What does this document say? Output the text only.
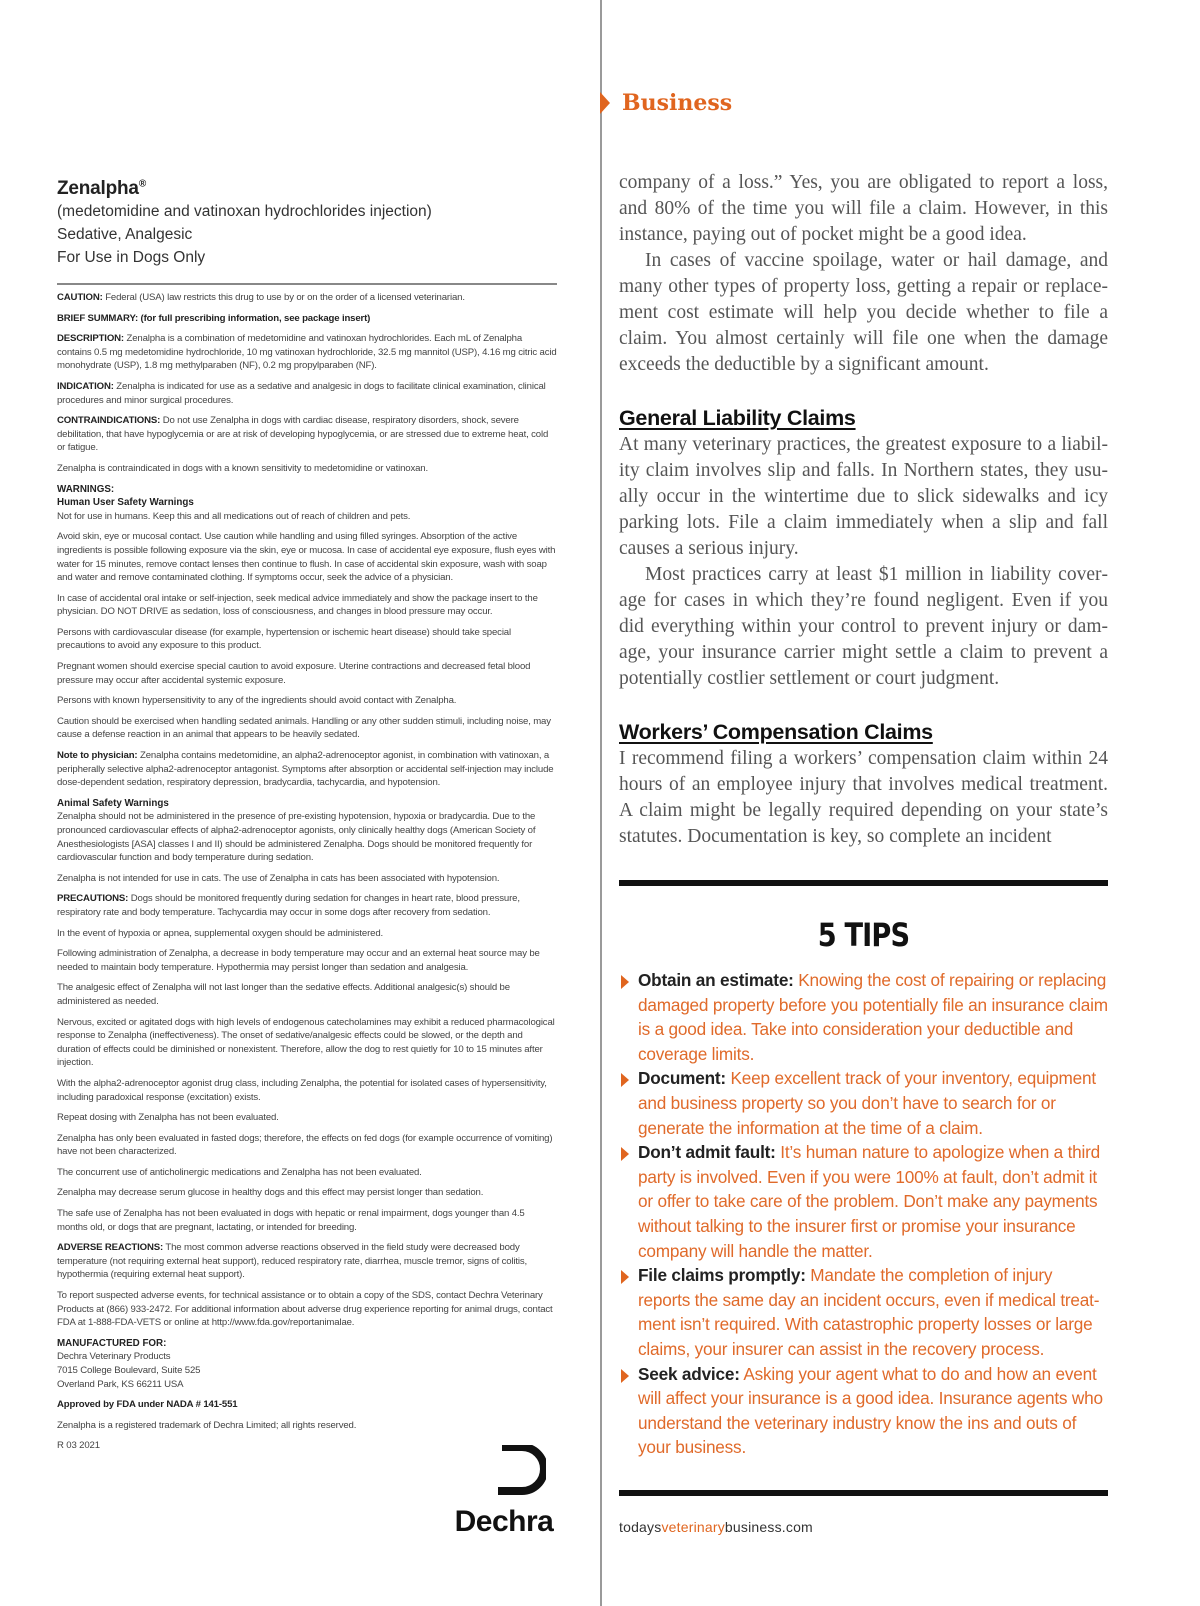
Zenalpha®
(medetomidine and vatinoxan hydrochlorides injection)
Sedative, Analgesic
For Use in Dogs Only

CAUTION: Federal (USA) law restricts this drug to use by or on the order of a licensed veterinarian.

BRIEF SUMMARY: (for full prescribing information, see package insert)

DESCRIPTION: Zenalpha is a combination of medetomidine and vatinoxan hydrochlorides. Each mL of Zenalpha contains 0.5 mg medetomidine hydrochloride, 10 mg vatinoxan hydrochloride, 32.5 mg mannitol (USP), 4.16 mg citric acid monohydrate (USP), 1.8 mg methylparaben (NF), 0.2 mg propylparaben (NF).

INDICATION: Zenalpha is indicated for use as a sedative and analgesic in dogs to facilitate clinical examination, clinical procedures and minor surgical procedures.

CONTRAINDICATIONS: Do not use Zenalpha in dogs with cardiac disease, respiratory disorders, shock, severe debilitation, that have hypoglycemia or are at risk of developing hypoglycemia, or are stressed due to extreme heat, cold or fatigue.

Zenalpha is contraindicated in dogs with a known sensitivity to medetomidine or vatinoxan.

WARNINGS:
Human User Safety Warnings

Not for use in humans. Keep this and all medications out of reach of children and pets.

Avoid skin, eye or mucosal contact. Use caution while handling and using filled syringes. Absorption of the active ingredients is possible following exposure via the skin, eye or mucosa. In case of accidental eye exposure, flush eyes with water for 15 minutes, remove contact lenses then continue to flush. In case of accidental skin exposure, wash with soap and water and remove contaminated clothing. If symptoms occur, seek the advice of a physician.

In case of accidental oral intake or self-injection, seek medical advice immediately and show the package insert to the physician. DO NOT DRIVE as sedation, loss of consciousness, and changes in blood pressure may occur.

Persons with cardiovascular disease (for example, hypertension or ischemic heart disease) should take special precautions to avoid any exposure to this product.

Pregnant women should exercise special caution to avoid exposure. Uterine contractions and decreased fetal blood pressure may occur after accidental systemic exposure.

Persons with known hypersensitivity to any of the ingredients should avoid contact with Zenalpha.

Caution should be exercised when handling sedated animals. Handling or any other sudden stimuli, including noise, may cause a defense reaction in an animal that appears to be heavily sedated.

Note to physician: Zenalpha contains medetomidine, an alpha2-adrenoceptor agonist, in combination with vatinoxan, a peripherally selective alpha2-adrenoceptor antagonist. Symptoms after absorption or accidental self-injection may include dose-dependent sedation, respiratory depression, bradycardia, tachycardia, and hypotension.

Animal Safety Warnings

Zenalpha should not be administered in the presence of pre-existing hypotension, hypoxia or bradycardia. Due to the pronounced cardiovascular effects of alpha2-adrenoceptor agonists, only clinically healthy dogs (American Society of Anesthesiologists [ASA] classes I and II) should be administered Zenalpha. Dogs should be monitored frequently for cardiovascular function and body temperature during sedation.

Zenalpha is not intended for use in cats. The use of Zenalpha in cats has been associated with hypotension.

PRECAUTIONS: Dogs should be monitored frequently during sedation for changes in heart rate, blood pressure, respiratory rate and body temperature. Tachycardia may occur in some dogs after recovery from sedation.

In the event of hypoxia or apnea, supplemental oxygen should be administered.

Following administration of Zenalpha, a decrease in body temperature may occur and an external heat source may be needed to maintain body temperature. Hypothermia may persist longer than sedation and analgesia.

The analgesic effect of Zenalpha will not last longer than the sedative effects. Additional analgesic(s) should be administered as needed.

Nervous, excited or agitated dogs with high levels of endogenous catecholamines may exhibit a reduced pharmacological response to Zenalpha (ineffectiveness). The onset of sedative/analgesic effects could be slowed, or the depth and duration of effects could be diminished or nonexistent. Therefore, allow the dog to rest quietly for 10 to 15 minutes after injection.

With the alpha2-adrenoceptor agonist drug class, including Zenalpha, the potential for isolated cases of hypersensitivity, including paradoxical response (excitation) exists.

Repeat dosing with Zenalpha has not been evaluated.

Zenalpha has only been evaluated in fasted dogs; therefore, the effects on fed dogs (for example occurrence of vomiting) have not been characterized.

The concurrent use of anticholinergic medications and Zenalpha has not been evaluated.

Zenalpha may decrease serum glucose in healthy dogs and this effect may persist longer than sedation.

The safe use of Zenalpha has not been evaluated in dogs with hepatic or renal impairment, dogs younger than 4.5 months old, or dogs that are pregnant, lactating, or intended for breeding.

ADVERSE REACTIONS: The most common adverse reactions observed in the field study were decreased body temperature (not requiring external heat support), reduced respiratory rate, diarrhea, muscle tremor, signs of colitis, hypothermia (requiring external heat support).

To report suspected adverse events, for technical assistance or to obtain a copy of the SDS, contact Dechra Veterinary Products at (866) 933-2472. For additional information about adverse drug experience reporting for animal drugs, contact FDA at 1-888-FDA-VETS or online at http://www.fda.gov/reportanimalae.

MANUFACTURED FOR:
Dechra Veterinary Products
7015 College Boulevard, Suite 525
Overland Park, KS 66211 USA

Approved by FDA under NADA # 141-551

Zenalpha is a registered trademark of Dechra Limited; all rights reserved.

R 03 2021

Dechra
Business

company of a loss.” Yes, you are obligated to report a loss, and 80% of the time you will file a claim. However, in this instance, paying out of pocket might be a good idea.

In cases of vaccine spoilage, water or hail damage, and many other types of property loss, getting a repair or replacement cost estimate will help you decide whether to file a claim. You almost certainly will file one when the damage exceeds the deductible by a significant amount.

General Liability Claims

At many veterinary practices, the greatest exposure to a liability claim involves slip and falls. In Northern states, they usually occur in the wintertime due to slick sidewalks and icy parking lots. File a claim immediately when a slip and fall causes a serious injury.

Most practices carry at least $1 million in liability coverage for cases in which they’re found negligent. Even if you did everything within your control to prevent injury or damage, your insurance carrier might settle a claim to prevent a potentially costlier settlement or court judgment.

Workers’ Compensation Claims

I recommend filing a workers’ compensation claim within 24 hours of an employee injury that involves medical treatment. A claim might be legally required depending on your state’s statutes. Documentation is key, so complete an incident

5 TIPS
Obtain an estimate: Knowing the cost of repairing or replacing damaged property before you potentially file an insurance claim is a good idea. Take into consideration your deductible and coverage limits.
Document: Keep excellent track of your inventory, equipment and business property so you don’t have to search for or generate the information at the time of a claim.
Don’t admit fault: It’s human nature to apologize when a third party is involved. Even if you were 100% at fault, don’t admit it or offer to take care of the problem. Don’t make any payments without talking to the insurer first or promise your insurance company will handle the matter.
File claims promptly: Mandate the completion of injury reports the same day an incident occurs, even if medical treatment isn’t required. With catastrophic property losses or large claims, your insurer can assist in the recovery process.
Seek advice: Asking your agent what to do and how an event will affect your insurance is a good idea. Insurance agents who understand the veterinary industry know the ins and outs of your business.
todaysveterinarybusiness.com
